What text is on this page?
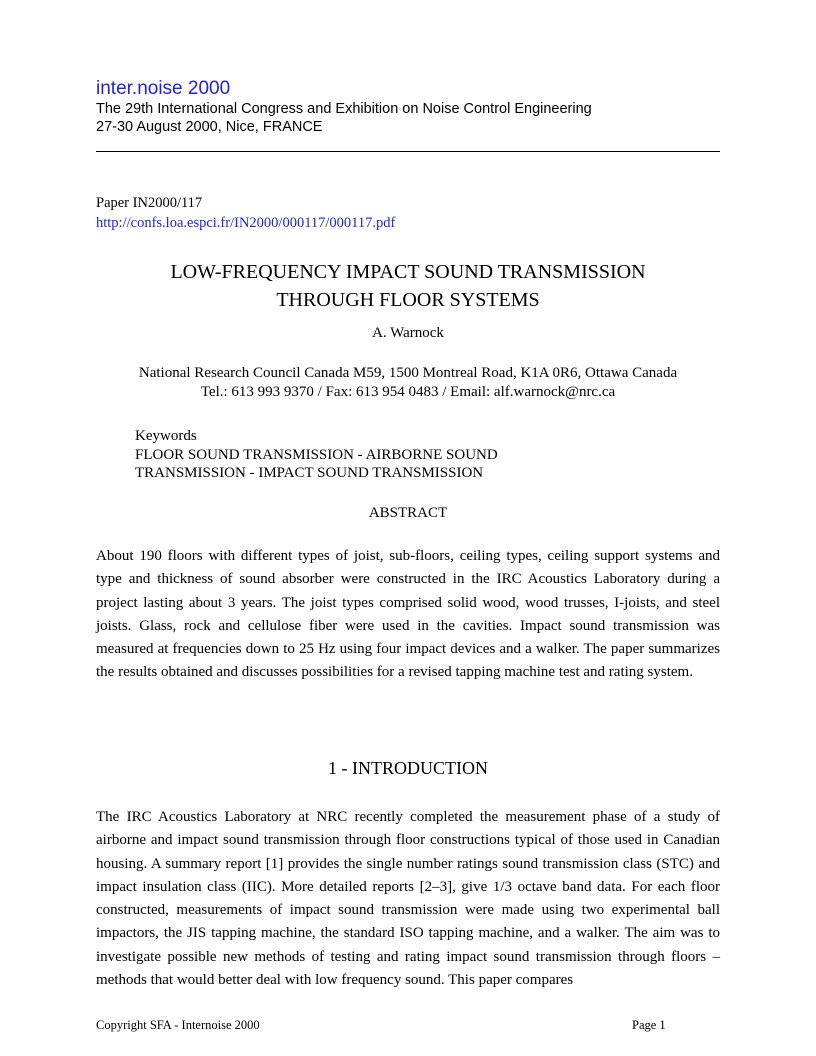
inter.noise 2000
The 29th International Congress and Exhibition on Noise Control Engineering
27-30 August 2000, Nice, FRANCE
Paper IN2000/117
http://confs.loa.espci.fr/IN2000/000117/000117.pdf
LOW-FREQUENCY IMPACT SOUND TRANSMISSION
THROUGH FLOOR SYSTEMS
A. Warnock
National Research Council Canada M59, 1500 Montreal Road, K1A 0R6, Ottawa Canada
Tel.: 613 993 9370 / Fax: 613 954 0483 / Email: alf.warnock@nrc.ca
Keywords
FLOOR SOUND TRANSMISSION - AIRBORNE SOUND
TRANSMISSION - IMPACT SOUND TRANSMISSION
ABSTRACT
About 190 floors with different types of joist, sub-floors, ceiling types, ceiling support systems and type and thickness of sound absorber were constructed in the IRC Acoustics Laboratory during a project lasting about 3 years. The joist types comprised solid wood, wood trusses, I-joists, and steel joists. Glass, rock and cellulose fiber were used in the cavities. Impact sound transmission was measured at frequencies down to 25 Hz using four impact devices and a walker. The paper summarizes the results obtained and discusses possibilities for a revised tapping machine test and rating system.
1 - INTRODUCTION
The IRC Acoustics Laboratory at NRC recently completed the measurement phase of a study of airborne and impact sound transmission through floor constructions typical of those used in Canadian housing. A summary report [1] provides the single number ratings sound transmission class (STC) and impact insulation class (IIC). More detailed reports [2–3], give 1/3 octave band data. For each floor constructed, measurements of impact sound transmission were made using two experimental ball impactors, the JIS tapping machine, the standard ISO tapping machine, and a walker. The aim was to investigate possible new methods of testing and rating impact sound transmission through floors – methods that would better deal with low frequency sound. This paper compares
Copyright SFA - Internoise 2000	Page 1
